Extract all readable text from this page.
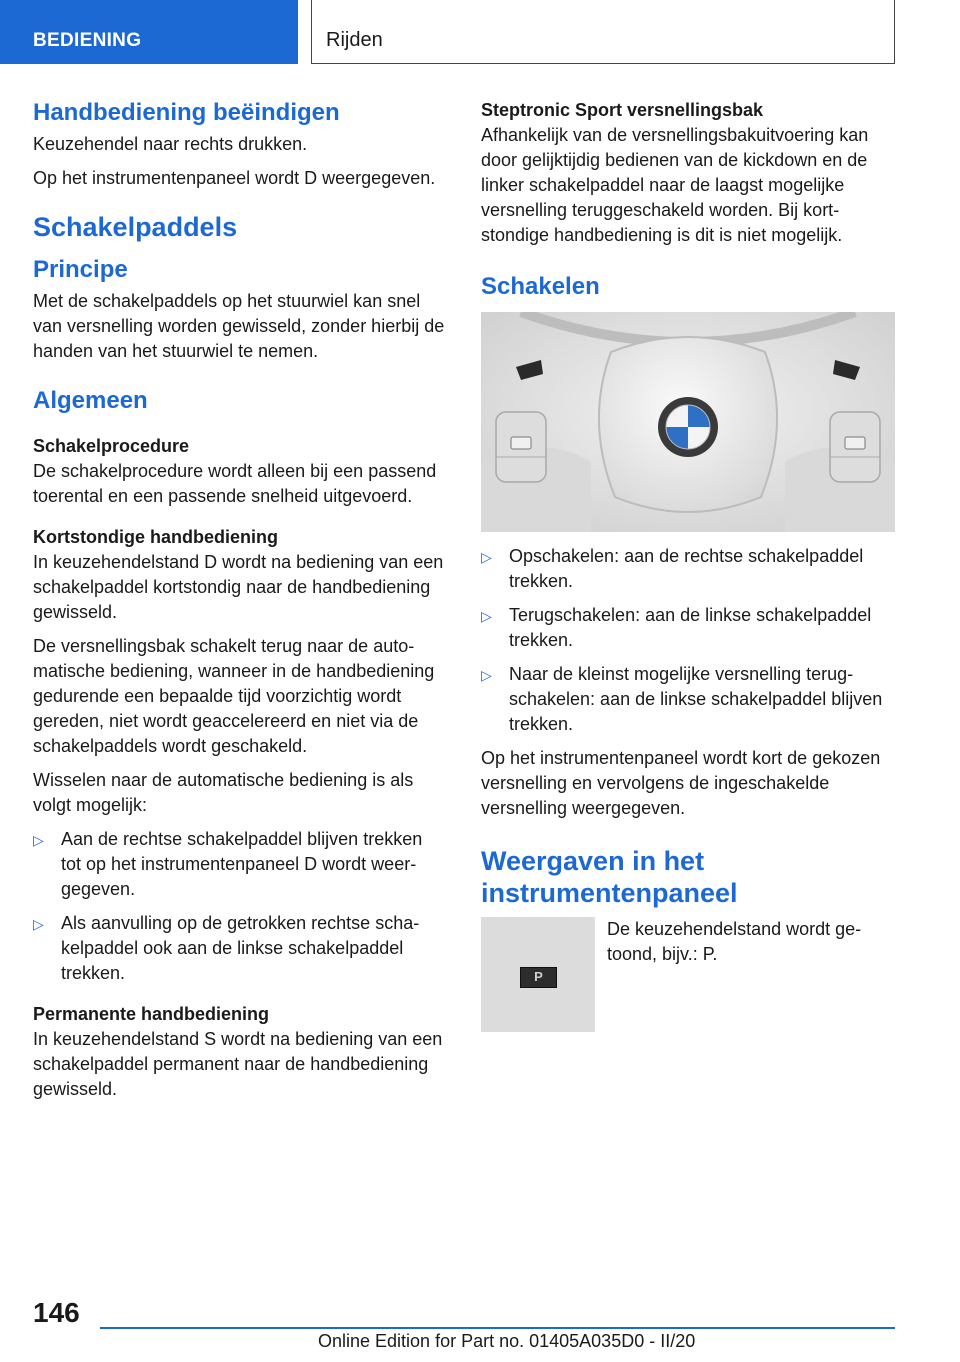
BEDIENING	Rijden
Handbediening beëindigen

Keuzehendel naar rechts drukken.

Op het instrumentenpaneel wordt D weergegeven.

Schakelpaddels
Principe

Met de schakelpaddels op het stuurwiel kan snel van versnelling worden gewisseld, zonder hierbij de handen van het stuurwiel te nemen.

Algemeen
Schakelprocedure

De schakelprocedure wordt alleen bij een passend toerental en een passende snelheid uitgevoerd.

Kortstondige handbediening

In keuzehendelstand D wordt na bediening van een schakelpaddel kortstondig naar de handbediening gewisseld.

De versnellingsbak schakelt terug naar de automatische bediening, wanneer in de handbediening gedurende een bepaalde tijd voorzichtig wordt gereden, niet wordt geaccelereerd en niet via de schakelpaddels wordt geschakeld.

Wisselen naar de automatische bediening is als volgt mogelijk:

▷ Aan de rechtse schakelpaddel blijven trekken tot op het instrumentenpaneel D wordt weergegeven.
▷ Als aanvulling op de getrokken rechtse schakelpaddel ook aan de linkse schakelpaddel trekken.
Permanente handbediening

In keuzehendelstand S wordt na bediening van een schakelpaddel permanent naar de handbediening gewisseld.

Steptronic Sport versnellingsbak

Afhankelijk van de versnellingsbakuitvoering kan door gelijktijdig bedienen van de kickdown en de linker schakelpaddel naar de laagst mogelijke versnelling teruggeschakeld worden. Bij kortstondige handbediening is dit is niet mogelijk.

Schakelen
▷ Opschakelen: aan de rechtse schakelpaddel trekken.
▷ Terugschakelen: aan de linkse schakelpaddel trekken.
▷ Naar de kleinst mogelijke versnelling terugschakelen: aan de linkse schakelpaddel blijven trekken.

Op het instrumentenpaneel wordt kort de gekozen versnelling en vervolgens de ingeschakelde versnelling weergegeven.

Weergaven in het instrumentenpaneel
P

De keuzehendelstand wordt getoond, bijv.: P.

146
Online Edition for Part no. 01405A035D0 - II/20
